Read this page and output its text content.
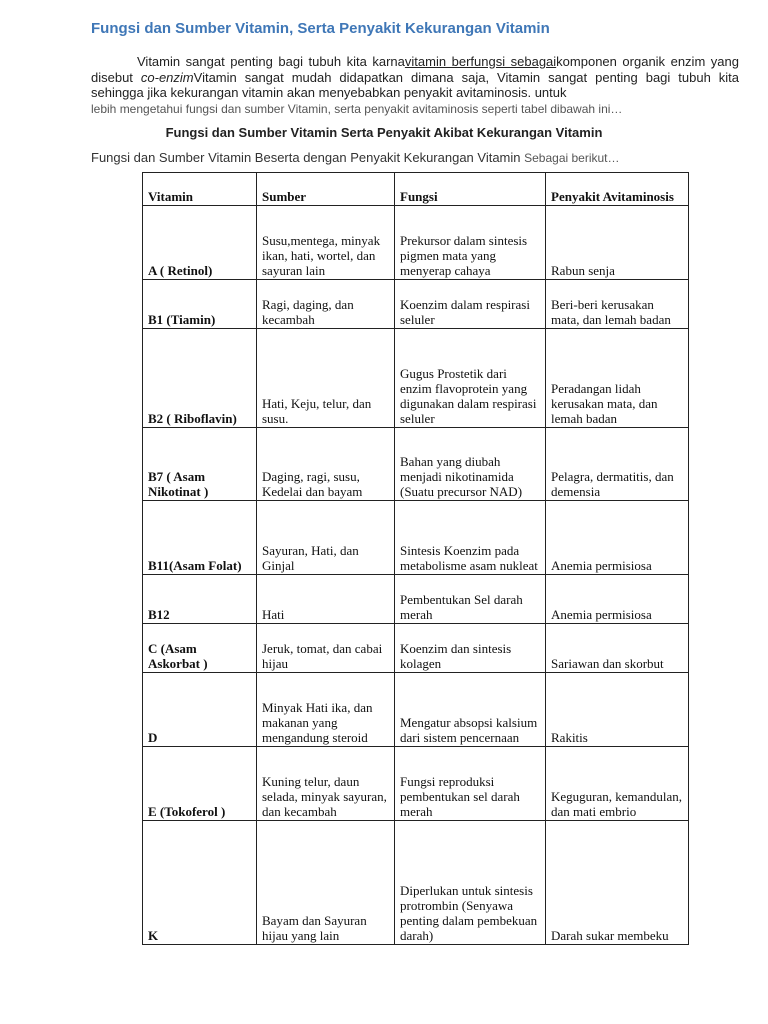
Fungsi dan Sumber Vitamin, Serta Penyakit Kekurangan Vitamin
Vitamin sangat penting bagi tubuh kita karnavitamin berfungsi sebagaikomponen organik enzim yang disebut co-enzimVitamin sangat mudah didapatkan dimana saja, Vitamin sangat penting bagi tubuh kita sehingga jika kekurangan vitamin akan menyebabkan penyakit avitaminosis. untuk
lebih mengetahui fungsi dan sumber Vitamin, serta penyakit avitaminosis seperti tabel dibawah ini…
Fungsi dan Sumber Vitamin Serta Penyakit Akibat Kekurangan Vitamin
Fungsi dan Sumber Vitamin Beserta dengan Penyakit Kekurangan Vitamin Sebagai berikut…
Vitamin	Sumber	Fungsi	Penyakit Avitaminosis
A ( Retinol)	Susu,mentega, minyak ikan, hati, wortel, dan sayuran lain	Prekursor dalam sintesis pigmen mata yang menyerap cahaya	Rabun senja
B1 (Tiamin)	Ragi, daging, dan kecambah	Koenzim dalam respirasi seluler	Beri-beri kerusakan mata, dan lemah badan
B2 ( Riboflavin)	Hati, Keju, telur, dan susu.	Gugus Prostetik dari enzim flavoprotein yang digunakan dalam respirasi seluler	Peradangan lidah kerusakan mata, dan lemah badan
B7 ( Asam Nikotinat )	Daging, ragi, susu, Kedelai dan bayam	Bahan yang diubah menjadi nikotinamida (Suatu precursor NAD)	Pelagra, dermatitis, dan demensia
B11(Asam Folat)	Sayuran, Hati, dan Ginjal	Sintesis Koenzim pada metabolisme asam nukleat	Anemia permisiosa
B12	Hati	Pembentukan Sel darah merah	Anemia permisiosa
C (Asam Askorbat )	Jeruk, tomat, dan cabai hijau	Koenzim dan sintesis kolagen	Sariawan dan skorbut
D	Minyak Hati ika, dan makanan yang mengandung steroid	Mengatur absopsi kalsium dari sistem pencernaan	Rakitis
E (Tokoferol )	Kuning telur, daun selada, minyak sayuran, dan kecambah	Fungsi reproduksi pembentukan sel darah merah	Keguguran, kemandulan, dan mati embrio
K	Bayam dan Sayuran hijau yang lain	Diperlukan untuk sintesis protrombin (Senyawa penting dalam pembekuan darah)	Darah sukar membeku
